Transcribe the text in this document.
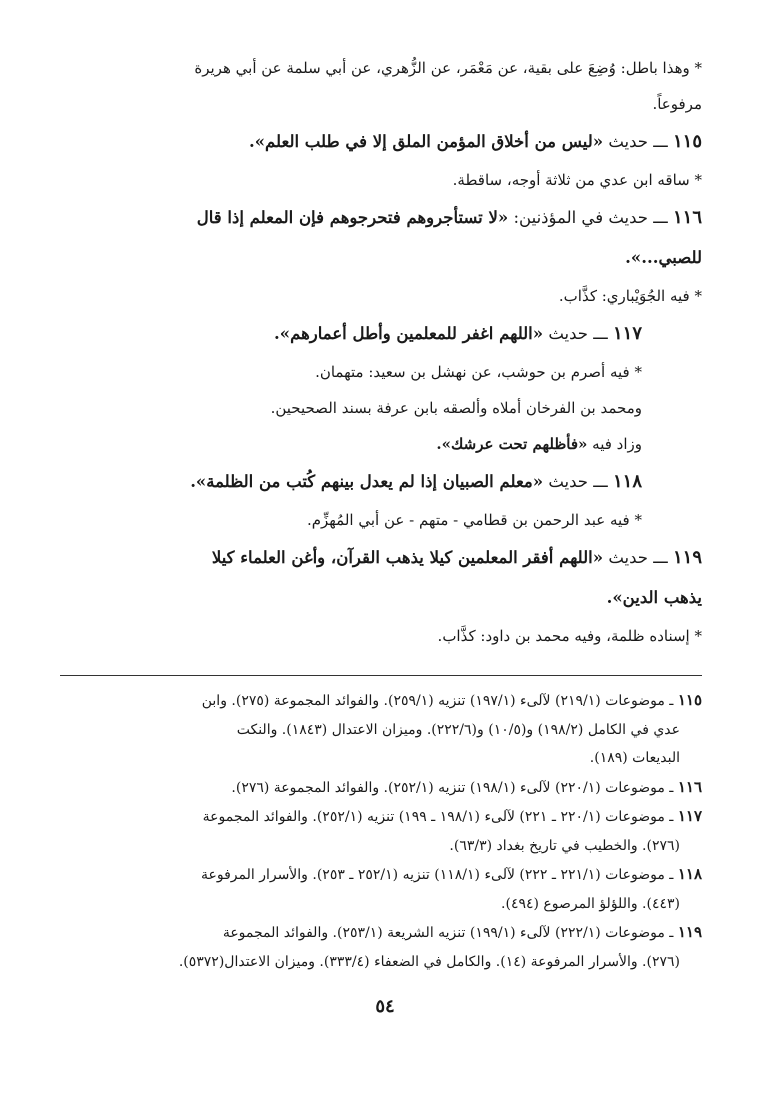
* وهذا باطل: وُضِعَ على بقية، عن مَعْمَر، عن الزُّهري، عن أبي سلمة عن أبي هريرة
مرفوعاً.
١١٥ ـــ حديث «ليس من أخلاق المؤمن الملق إلا في طلب العلم».
* ساقه ابن عدي من ثلاثة أوجه، ساقطة.
١١٦ ـــ حديث في المؤذنين: «لا تستأجروهم فتحرجوهم فإن المعلم إذا قال
للصبي...».
* فيه الجُوَيْباري: كذَّاب.
١١٧ ـــ حديث «اللهم اغفر للمعلمين وأطل أعمارهم».
* فيه أصرم بن حوشب، عن نهشل بن سعيد: متهمان.
ومحمد بن الفرخان أملاه وألصقه بابن عرفة بسند الصحيحين.
وزاد فيه «فأظلهم تحت عرشك».
١١٨ ـــ حديث «معلم الصبيان إذا لم يعدل بينهم كُتب من الظلمة».
* فيه عبد الرحمن بن قطامي - متهم - عن أبي المُهزِّم.
١١٩ ـــ حديث «اللهم أفقر المعلمين كيلا يذهب القرآن، وأغن العلماء كيلا
يذهب الدين».
* إسناده ظلمة، وفيه محمد بن داود: كذَّاب.
١١٥ ـ موضوعات (٢١٩/١) لآلىء (١٩٧/١) تنزيه (٢٥٩/١). والفوائد المجموعة (٢٧٥). وابن
عدي في الكامل (١٩٨/٢) و(١٠/٥) و(٢٢٢/٦). وميزان الاعتدال (١٨٤٣). والنكت
البديعات (١٨٩).
١١٦ ـ موضوعات (٢٢٠/١) لآلىء (١٩٨/١) تنزيه (٢٥٢/١). والفوائد المجموعة (٢٧٦).
١١٧ ـ موضوعات (٢٢٠/١ ـ ٢٢١) لآلىء (١٩٨/١ ـ ١٩٩) تنزيه (٢٥٢/١). والفوائد المجموعة
(٢٧٦). والخطيب في تاريخ بغداد (٦٣/٣).
١١٨ ـ موضوعات (٢٢١/١ ـ ٢٢٢) لآلىء (١١٨/١) تنزيه (٢٥٢/١ ـ ٢٥٣). والأسرار المرفوعة
(٤٤٣). واللؤلؤ المرصوع (٤٩٤).
١١٩ ـ موضوعات (٢٢٢/١) لآلىء (١٩٩/١) تنزيه الشريعة (٢٥٣/١). والفوائد المجموعة
(٢٧٦). والأسرار المرفوعة (١٤). والكامل في الضعفاء (٣٣٣/٤). وميزان الاعتدال(٥٣٧٢).
٥٤
